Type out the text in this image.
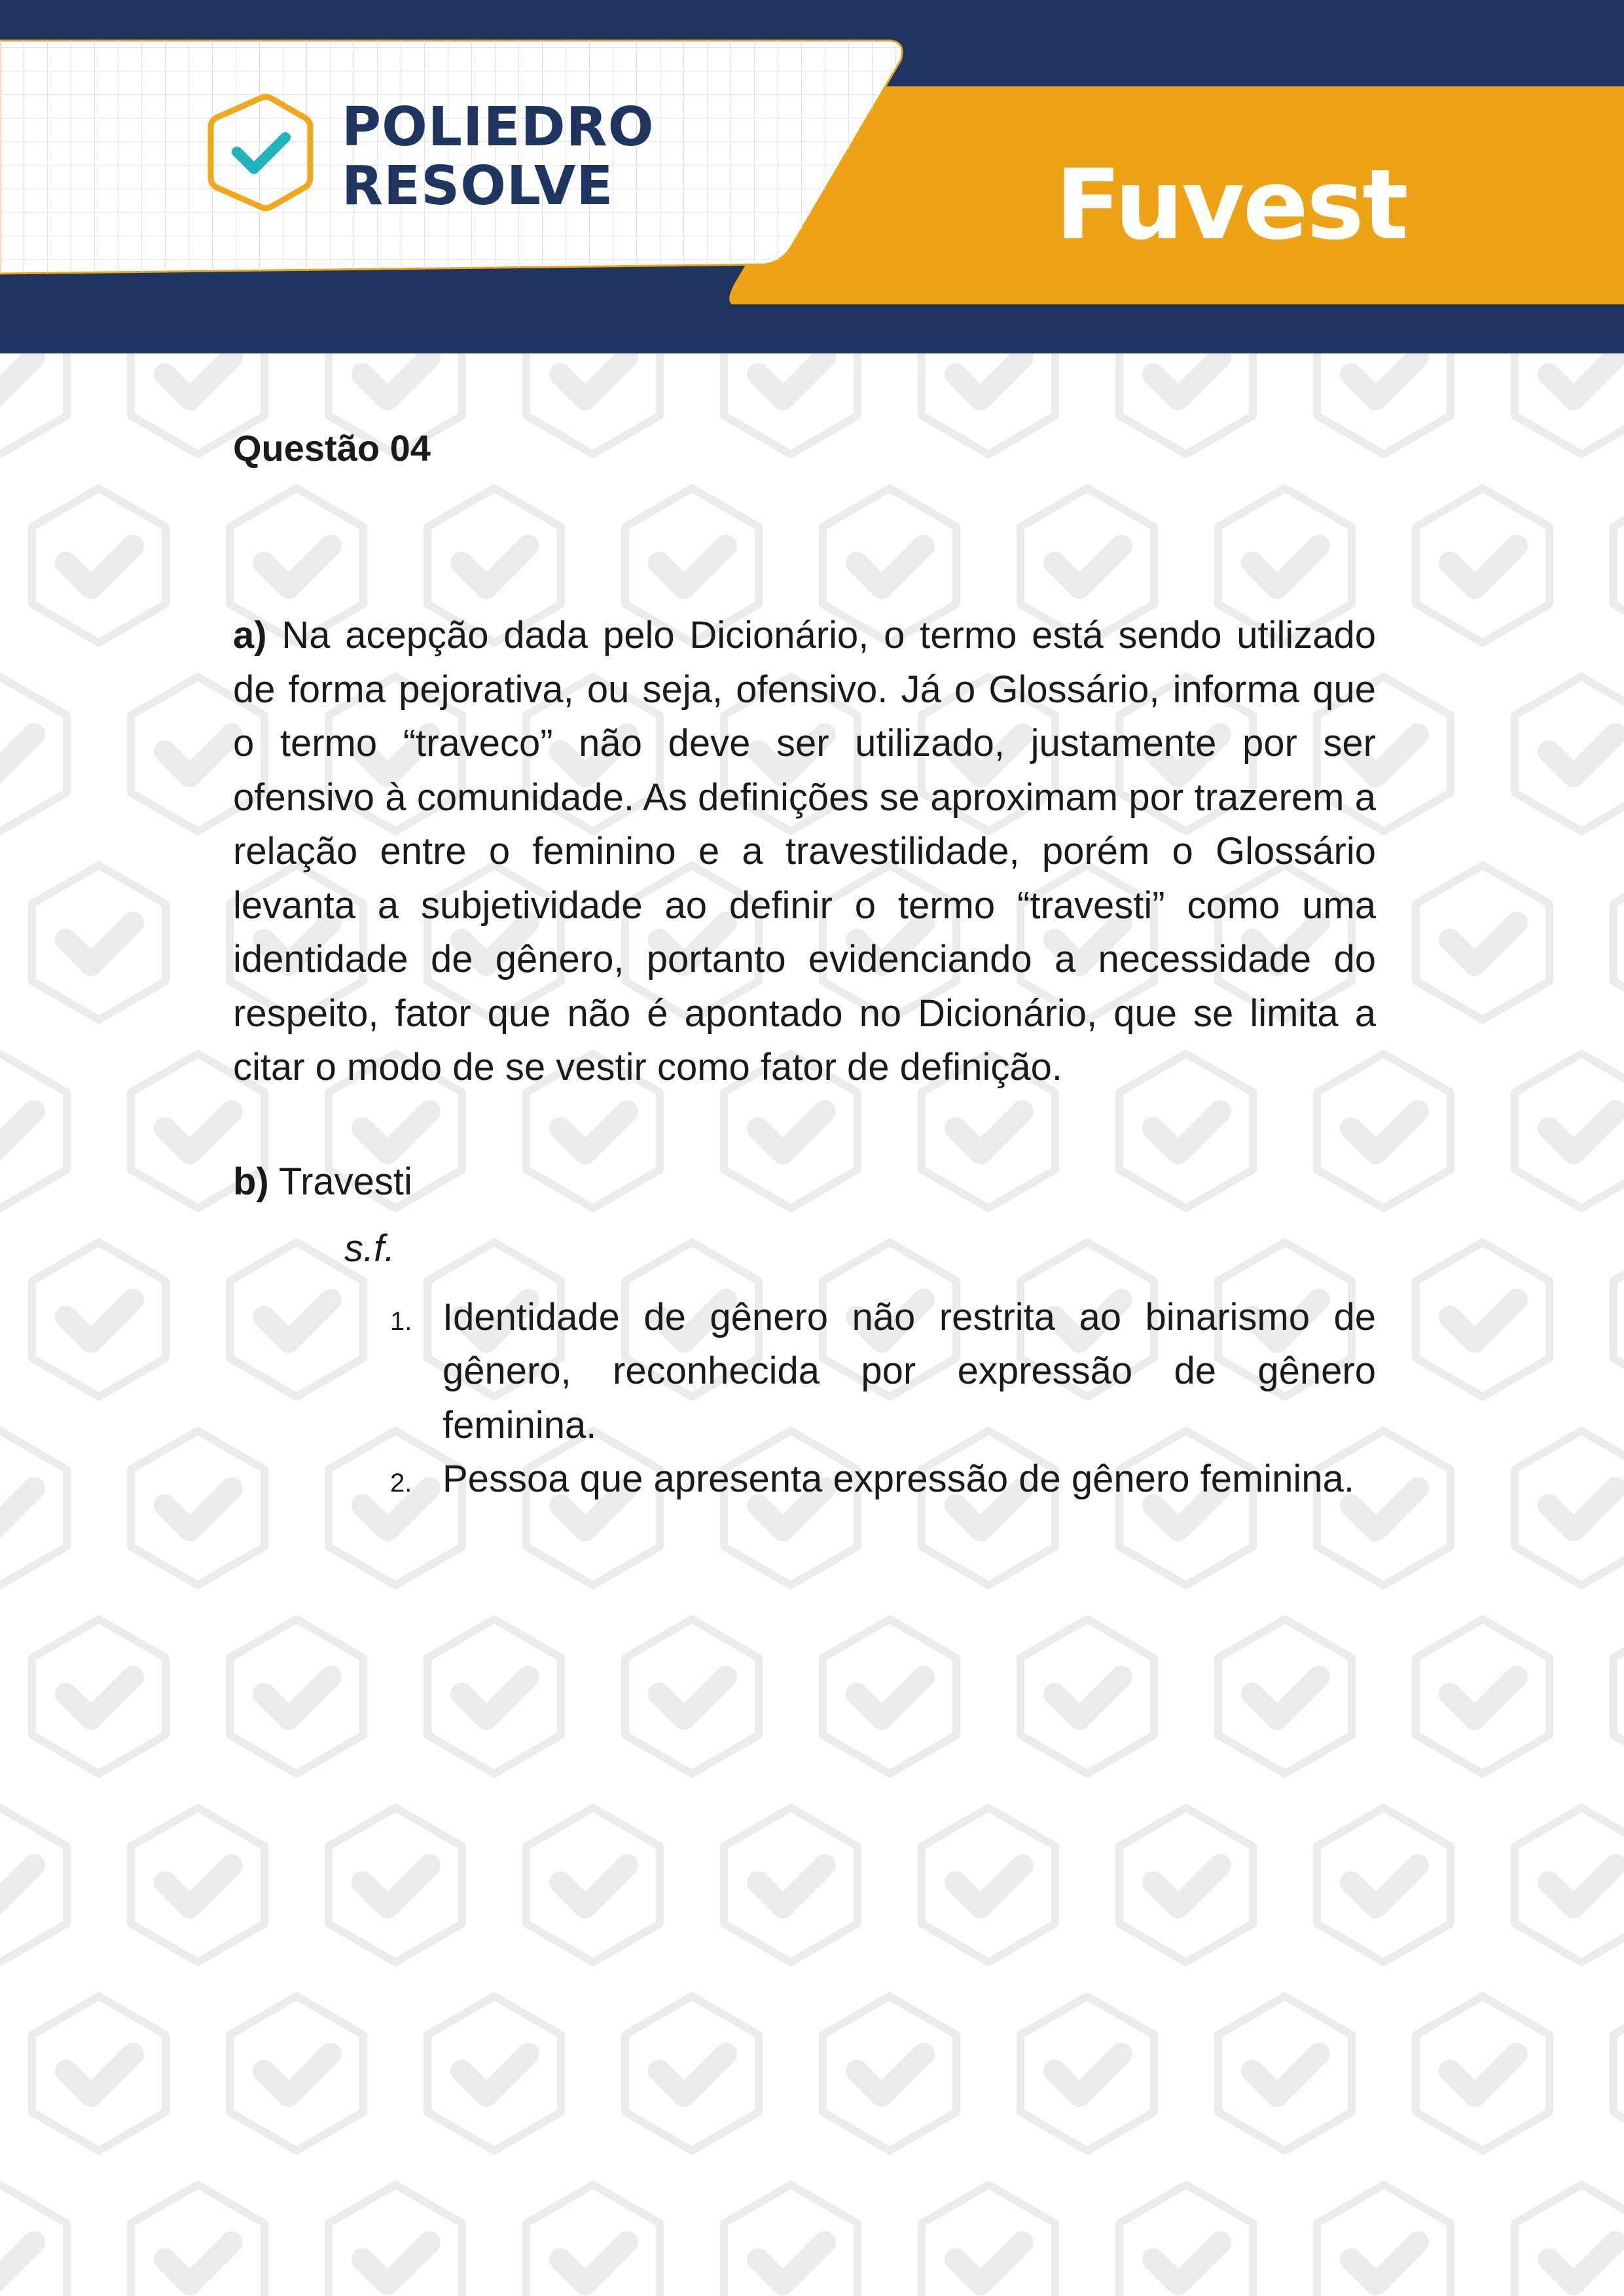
POLIEDRO
RESOLVE	Fuvest

Questão 04

a) Na acepção dada pelo Dicionário, o termo está sendo utilizado de forma pejorativa, ou seja, ofensivo. Já o Glossário, informa que o termo “traveco” não deve ser utilizado, justamente por ser ofensivo à comunidade. As definições se aproximam por trazerem a relação entre o feminino e a travestilidade, porém o Glossário levanta a subjetividade ao definir o termo “travesti” como uma identidade de gênero, portanto evidenciando a necessidade do respeito, fator que não é apontado no Dicionário, que se limita a citar o modo de se vestir como fator de definição.

b) Travesti

s.f.

1. Identidade de gênero não restrita ao binarismo de gênero, reconhecida por expressão de gênero feminina.
2. Pessoa que apresenta expressão de gênero feminina.
